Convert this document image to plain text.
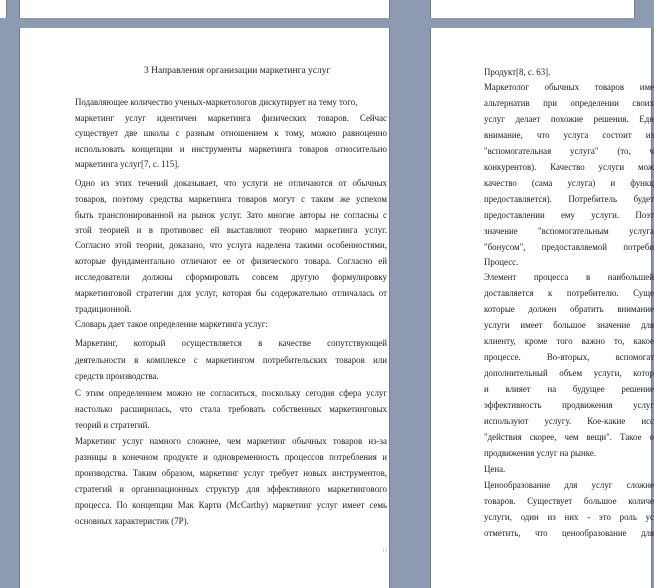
3 Направления организации маркетинга услуг
Подавляющее количество ученых-маркетологов дискутирует на тему того,
маркетинг услуг идентичен маркетинга физических товаров. Сейчас
существует две школы с разным отношением к тому, можно равноценно
использовать концепции и инструменты маркетинга товаров относительно
маркетинга услуг[7, с. 115].
Одно из этих течений доказывает, что услуги не отличаются от обычных
товаров, поэтому средства маркетинга товаров могут с таким же успехом
быть транспонированной на рынок услуг. Зато многие авторы не согласны с
этой теорией и в противовес ей выставляют теорию маркетинга услуг.
Согласно этой теории, доказано, что услуга наделена такими особенностями,
которые фундаментально отличают ее от физического товара. Согласно ей
исследователи должны сформировать совсем другую формулировку
маркетинговой стратегии для услуг, которая бы содержательно отличалась от
традиционной.
Словарь дает такое определение маркетинга услуг:
Маркетинг, который осуществляется в качестве сопутствующей
деятельности в комплексе с маркетингом потребительских товаров или
средств производства.
С этим определением можно не согласиться, поскольку сегодня сфера услуг
настолько расширилась, что стала требовать собственных маркетинговых
теорий и стратегий.
Маркетинг услуг намного сложнее, чем маркетинг обычных товаров из-за
разницы в конечном продукте и одновременность процессов потребления и
производства. Таким образом, маркетинг услуг требует новых инструментов,
стратегий и организационных структур для эффективного маркетингового
процесса. По концепции Мак Карти (McCarthy) маркетинг услуг имеет семь
основных характеристик (7P).
11
Продукт[8, с. 63].
Маркетолог обычных товаров име
альтернатив при определении своих
услуг делает похожие решения. Едн
внимание, что услуга состоит из
"вспомогательная услуга" (то, ч
конкурентов). Качество услуги мож
качество (сама услуга) и функц
предоставляется). Потребитель будет
предоставлении ему услуги. Поэт
значение "вспомогательным услуга
"бонусом", предоставляемой потреби
Процесс.
Элемент процесса в наибольшей
доставляется к потребителю. Суще
которые должен обратить внимание
услуги имеет большое значение для
клиенту, кроме того важно то, какое
процессе. Во-вторых, вспомогат
дополнительный объем услуги, котор
и влияет на будущее решение
эффективность продвижения услуг
используют услугу. Кое-какие исс
"действия скорее, чем вещи". Такое о
продвижения услуг на рынке.
Цена.
Ценообразование для услуг сложне
товаров. Существует большое количе
услуги, один из них - это роль ус
отметить, что ценообразование для
